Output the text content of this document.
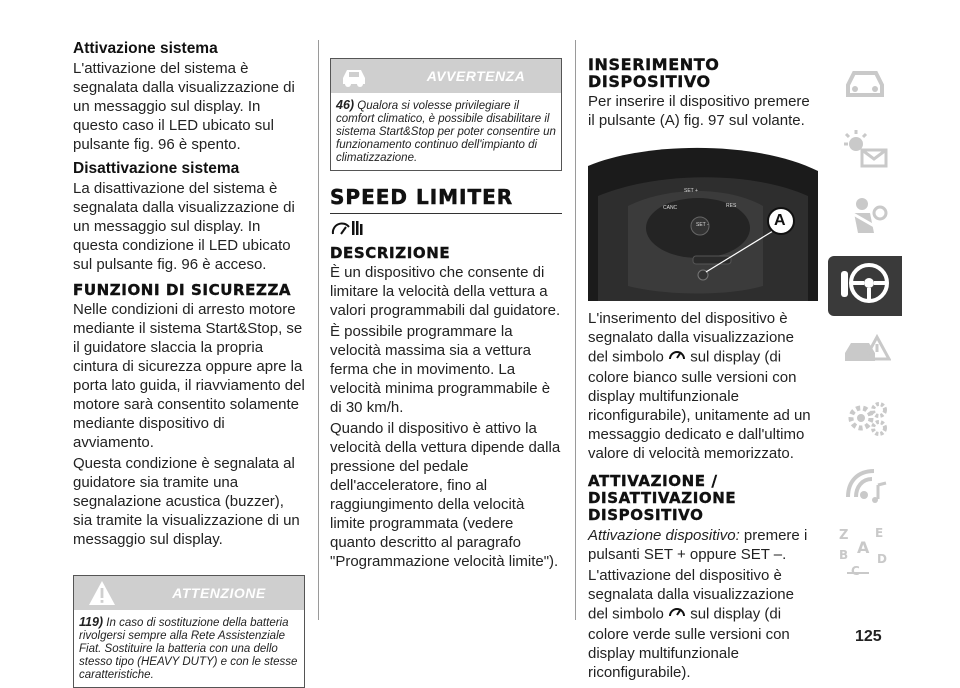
Attivazione sistema

L'attivazione del sistema è segnalata dalla visualizzazione di un messaggio sul display. In questo caso il LED ubicato sul pulsante fig. 96 è spento.

Disattivazione sistema

La disattivazione del sistema è segnalata dalla visualizzazione di un messaggio sul display. In questa condizione il LED ubicato sul pulsante fig. 96 è acceso.

FUNZIONI DI SICUREZZA

Nelle condizioni di arresto motore mediante il sistema Start&Stop, se il guidatore slaccia la propria cintura di sicurezza oppure apre la porta lato guida, il riavviamento del motore sarà consentito solamente mediante dispositivo di avviamento.

Questa condizione è segnalata al guidatore sia tramite una segnalazione acustica (buzzer), sia tramite la visualizzazione di un messaggio sul display.

ATTENZIONE
119) In caso di sostituzione della batteria rivolgersi sempre alla Rete Assistenziale Fiat. Sostituire la batteria con una dello stesso tipo (HEAVY DUTY) e con le stesse caratteristiche.
AVVERTENZA
46) Qualora si volesse privilegiare il comfort climatico, è possibile disabilitare il sistema Start&Stop per poter consentire un funzionamento continuo dell'impianto di climatizzazione.
SPEED LIMITER
DESCRIZIONE

È un dispositivo che consente di limitare la velocità della vettura a valori programmabili dal guidatore.

È possibile programmare la velocità massima sia a vettura ferma che in movimento. La velocità minima programmabile è di 30 km/h.

Quando il dispositivo è attivo la velocità della vettura dipende dalla pressione del pedale dell'acceleratore, fino al raggiungimento della velocità limite programmata (vedere quanto descritto al paragrafo "Programmazione velocità limite").

INSERIMENTO DISPOSITIVO

Per inserire il dispositivo premere il pulsante (A) fig. 97 sul volante.

SET +
CANC	RES
SET -	A

L'inserimento del dispositivo è segnalato dalla visualizzazione del simbolo sul display (di colore bianco sulle versioni con display multifunzionale riconfigurabile), unitamente ad un messaggio dedicato e dall'ultimo valore di velocità memorizzato.

ATTIVAZIONE / DISATTIVAZIONE DISPOSITIVO

Attivazione dispositivo: premere i pulsanti SET + oppure SET –.

L'attivazione del dispositivo è segnalata dalla visualizzazione del simbolo sul display (di colore verde sulle versioni con display multifunzionale riconfigurabile).

Z E
A
B D
C
125
